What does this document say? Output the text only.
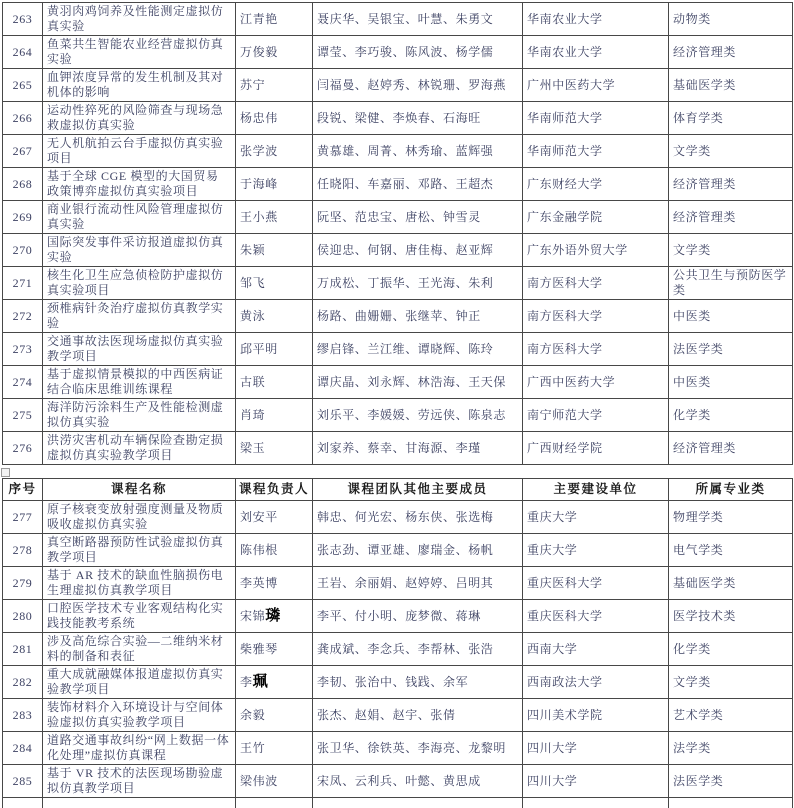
263	黄羽肉鸡饲养及性能测定虚拟仿真实验	江青艳	聂庆华、吴银宝、叶慧、朱勇文	华南农业大学	动物类
264	鱼菜共生智能农业经营虚拟仿真实验	万俊毅	谭莹、李巧骏、陈风波、杨学儒	华南农业大学	经济管理类
265	血钾浓度异常的发生机制及其对机体的影响	苏宁	闫福曼、赵婷秀、林锐珊、罗海燕	广州中医药大学	基础医学类
266	运动性猝死的风险筛查与现场急救虚拟仿真实验	杨忠伟	段锐、梁健、李焕春、石海旺	华南师范大学	体育学类
267	无人机航拍云台手虚拟仿真实验项目	张学波	黄慕雄、周菁、林秀瑜、蓝辉强	华南师范大学	文学类
268	基于全球 CGE 模型的大国贸易政策博弈虚拟仿真实验项目	于海峰	任晓阳、车嘉丽、邓路、王超杰	广东财经大学	经济管理类
269	商业银行流动性风险管理虚拟仿真实验	王小燕	阮坚、范忠宝、唐松、钟雪灵	广东金融学院	经济管理类
270	国际突发事件采访报道虚拟仿真实验	朱颖	侯迎忠、何钢、唐佳梅、赵亚辉	广东外语外贸大学	文学类
271	核生化卫生应急侦检防护虚拟仿真实验项目	邹飞	万成松、丁振华、王光海、朱利	南方医科大学	公共卫生与预防医学类
272	颈椎病针灸治疗虚拟仿真教学实验	黄泳	杨路、曲姗姗、张继苹、钟正	南方医科大学	中医类
273	交通事故法医现场虚拟仿真实验教学项目	邱平明	缪启锋、兰江维、谭晓辉、陈玲	南方医科大学	法医学类
274	基于虚拟情景模拟的中西医病证结合临床思维训练课程	古联	谭庆晶、刘永辉、林浩海、王天保	广西中医药大学	中医类
275	海洋防污涂料生产及性能检测虚拟仿真实验	肖琦	刘乐平、李媛媛、劳远侠、陈泉志	南宁师范大学	化学类
276	洪涝灾害机动车辆保险查勘定损虚拟仿真实验教学项目	梁玉	刘家养、蔡幸、甘海源、李瑾	广西财经学院	经济管理类
序号	课程名称	课程负责人	课程团队其他主要成员	主要建设单位	所属专业类
277	原子核衰变放射强度测量及物质吸收虚拟仿真实验	刘安平	韩忠、何光宏、杨东侠、张选梅	重庆大学	物理学类
278	真空断路器预防性试验虚拟仿真教学项目	陈伟根	张志劲、谭亚雄、廖瑞金、杨帆	重庆大学	电气学类
279	基于 AR 技术的缺血性脑损伤电生理虚拟仿真教学项目	李英博	王岩、余丽娟、赵婷婷、吕明其	重庆医科大学	基础医学类
280	口腔医学技术专业客观结构化实践技能教考系统	宋锦璘	李平、付小明、庞梦微、蒋琳	重庆医科大学	医学技术类
281	涉及高危综合实验—二维纳米材料的制备和表征	柴雅琴	龚成斌、李念兵、李帮林、张浩	西南大学	化学类
282	重大成就融媒体报道虚拟仿真实验教学项目	李珮	李韧、张治中、钱践、余军	西南政法大学	文学类
283	装饰材料介入环境设计与空间体验虚拟仿真实验教学项目	余毅	张杰、赵娟、赵宇、张倩	四川美术学院	艺术学类
284	道路交通事故纠纷“网上数据一体化处理”虚拟仿真课程	王竹	张卫华、徐铁英、李海亮、龙黎明	四川大学	法学类
285	基于 VR 技术的法医现场勘验虚拟仿真教学项目	梁伟波	宋凤、云利兵、叶懿、黄思成	四川大学	法医学类
